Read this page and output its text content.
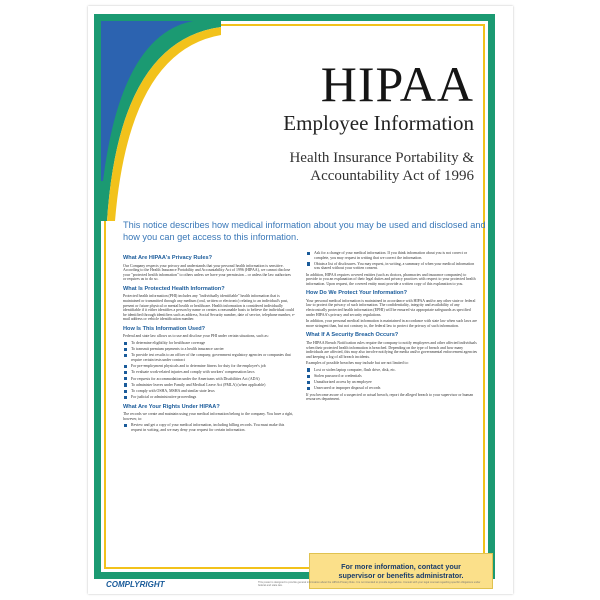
HIPAA
Employee Information
Health Insurance Portability &
Accountability Act of 1996
This notice describes how medical information about you may be used and disclosed and how you can get access to this information.
What Are HIPAA's Privacy Rules?

Our Company respects your privacy and understands that your personal health information is sensitive. According to the Health Insurance Portability and Accountability Act of 1996 (HIPAA), we cannot disclose your "protected health information" to others unless we have your permission – or unless the law authorizes or requires us to do so.

What Is Protected Health Information?

Protected health information (PHI) includes any "individually identifiable" health information that is maintained or transmitted through any medium (oral, written or electronic) relating to an individual's past, present or future physical or mental health or healthcare. Health information is considered individually identifiable if it either identifies a person by name or creates a reasonable basis to believe the individual could be identified through identifiers such as address, Social Security number, date of service, telephone number, e-mail address or vehicle identification number.

How Is This Information Used?

Federal and state law allows us to use and disclose your PHI under certain situations, such as:

To determine eligibility for healthcare coverage
To transmit premium payments to a health insurance carrier
To provide test results to an officer of the company, government regulatory agencies or companies that require certain tests under contract
For pre-employment physicals and to determine fitness for duty for the employee's job
To evaluate work-related injuries and comply with workers' compensation laws
For requests for accommodation under the Americans with Disabilities Act (ADA)
To administer leaves under Family and Medical Leave Act (FMLA) (when applicable)
To comply with OSHA, MSHA and similar state laws
For judicial or administrative proceedings
What Are Your Rights Under HIPAA?

The records we create and maintain using your medical information belong to the company. You have a right, however, to:

Review and get a copy of your medical information, including billing records. You must make this request in writing, and we may deny your request for certain information.
Ask for a change of your medical information. If you think information about you is not correct or complete, you may request in writing that we correct the information.
Obtain a list of disclosures. You may request, in writing, a summary of when your medical information was shared without your written consent.

In addition, HIPAA requires covered entities (such as doctors, pharmacies and insurance companies) to provide to you an explanation of their legal duties and privacy practices with respect to your protected health information. Upon request, the covered entity must provide a written copy of this explanation to you.

How Do We Protect Your Information?

Your personal medical information is maintained in accordance with HIPAA and/or any other state or federal law to protect the privacy of such information. The confidentiality, integrity and availability of any electronically protected health information (EPHI) will be ensured via appropriate safeguards as specified under HIPAA's privacy and security regulations.

In addition, your personal medical information is maintained in accordance with state law when such laws are more stringent than, but not contrary to, the federal law to protect the privacy of such information.

What If A Security Breach Occurs?

The HIPAA Breach Notification rules require the company to notify employees and other affected individuals when their protected health information is breached. Depending on the type of breach and how many individuals are affected, this may also involve notifying the media and/or governmental enforcement agencies and keeping a log of all breach incidents.

Examples of possible breaches may include but are not limited to:

Lost or stolen laptop computer, flash drive, disk, etc.
Stolen password or credentials
Unauthorized access by an employee
Unsecured or improper disposal of records

If you become aware of a suspected or actual breach, report the alleged breach to your supervisor or human resources department.

For more information, contact your
supervisor or benefits administrator.
COMPLYRIGHT	This poster is designed to provide general information about the HIPAA Privacy Rule. It is not intended to provide legal advice. Consult with your legal counsel regarding specific obligations under federal and state law.
